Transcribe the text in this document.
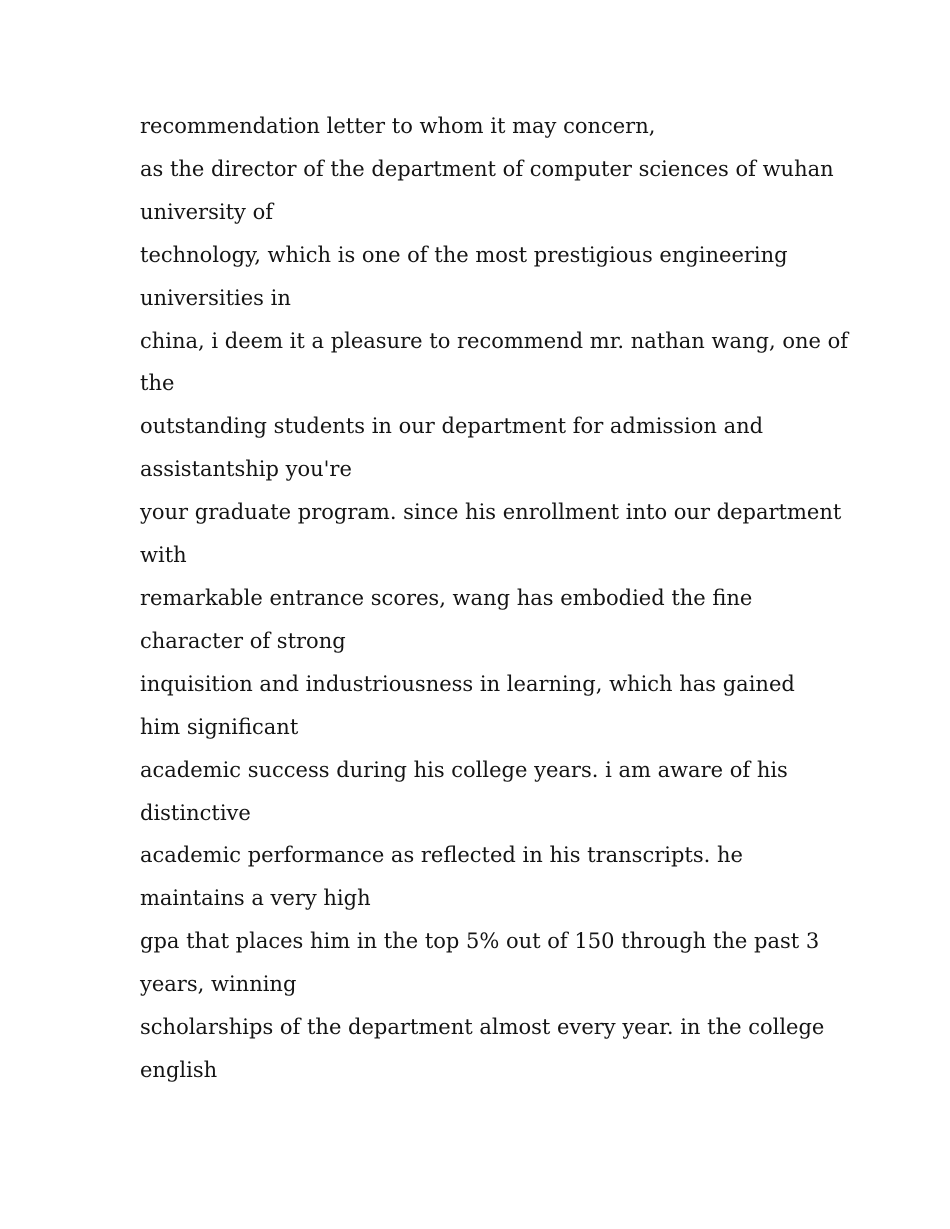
recommendation letter to whom it may concern,
as the director of the department of computer sciences of wuhan
university of
technology, which is one of the most prestigious engineering
universities in
china, i deem it a pleasure to recommend mr. nathan wang, one of
the
outstanding students in our department for admission and
assistantship you're
your graduate program. since his enrollment into our department
with
remarkable entrance scores, wang has embodied the fine
character of strong
inquisition and industriousness in learning, which has gained
him significant
academic success during his college years. i am aware of his
distinctive
academic performance as reflected in his transcripts. he
maintains a very high
gpa that places him in the top 5% out of 150 through the past 3
years, winning
scholarships of the department almost every year. in the college
english
